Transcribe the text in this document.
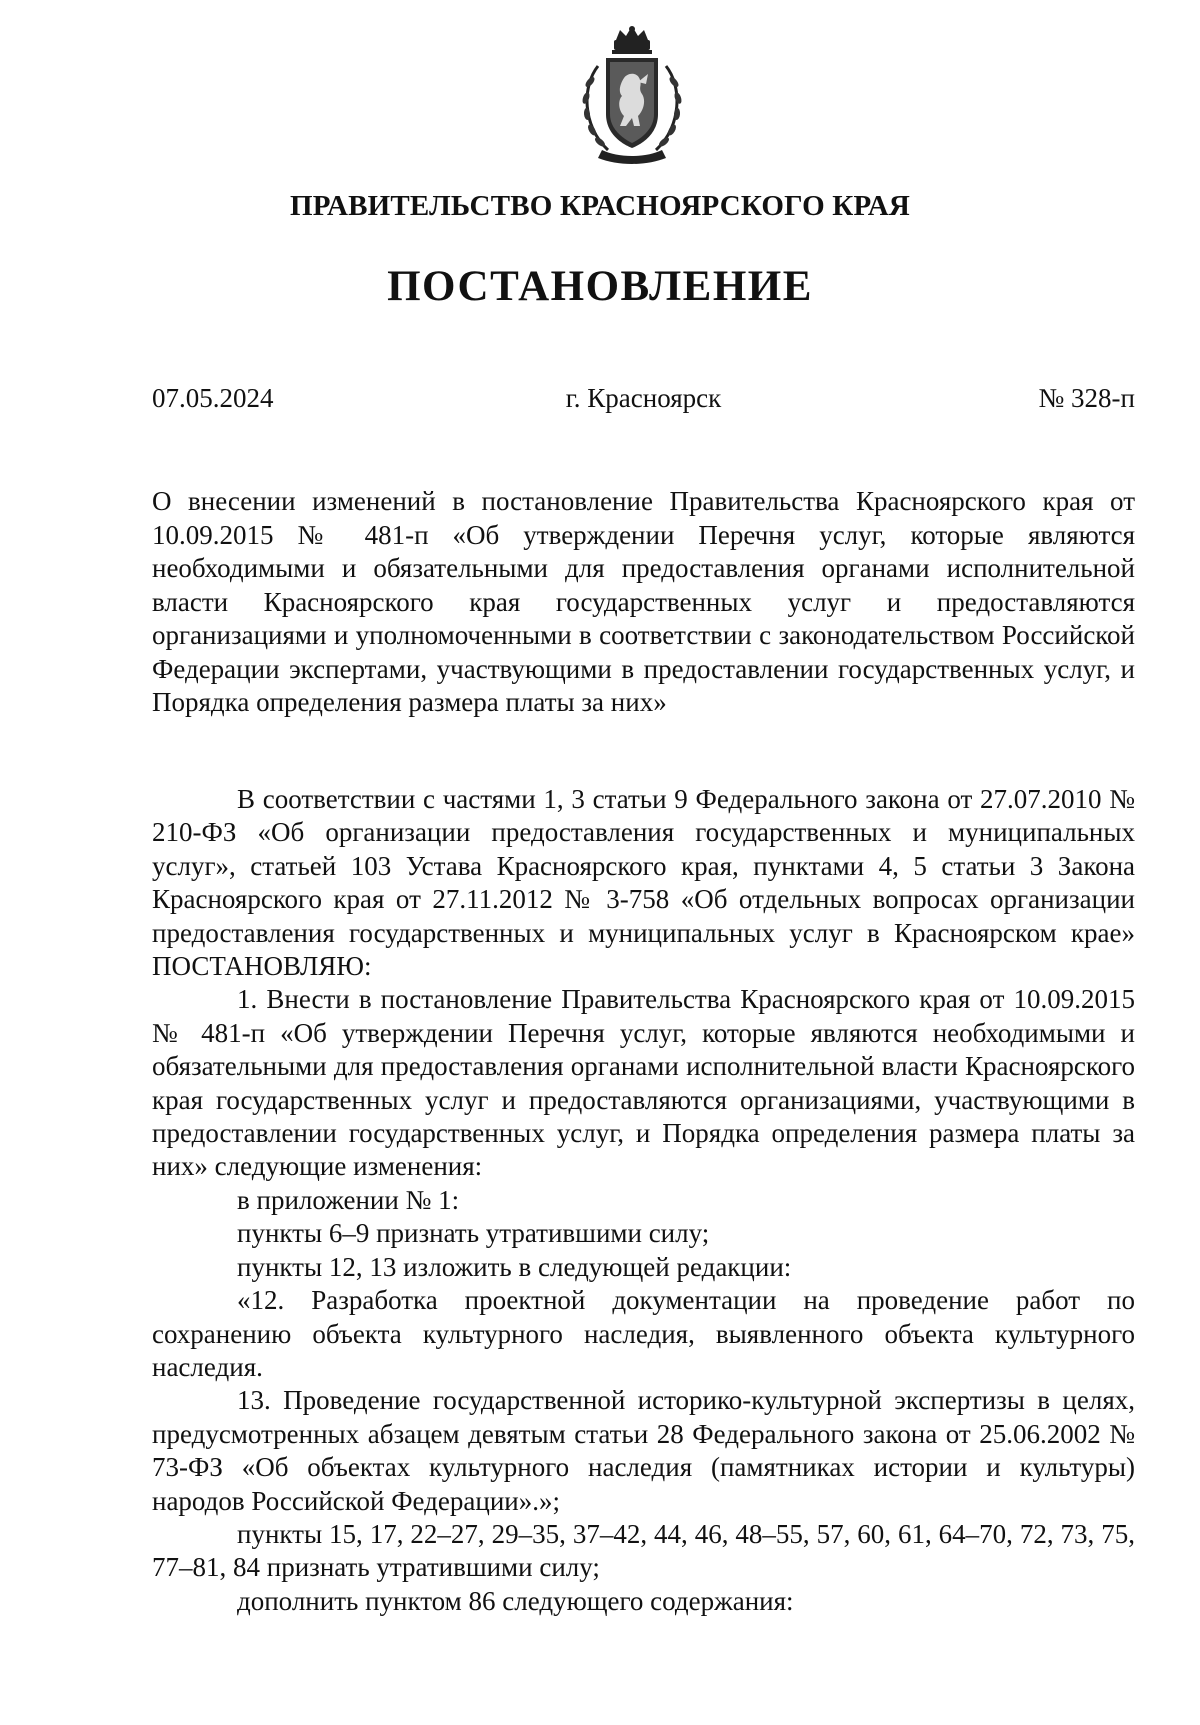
ПРАВИТЕЛЬСТВО КРАСНОЯРСКОГО КРАЯ
ПОСТАНОВЛЕНИЕ
07.05.2024	г. Красноярск	№ 328-п
О внесении изменений в постановление Правительства Красноярского края от 10.09.2015 № 481-п «Об утверждении Перечня услуг, которые являются необходимыми и обязательными для предоставления органами исполнительной власти Красноярского края государственных услуг и предоставляются организациями и уполномоченными в соответствии с законодательством Российской Федерации экспертами, участвующими в предоставлении государственных услуг, и Порядка определения размера платы за них»

В соответствии с частями 1, 3 статьи 9 Федерального закона от 27.07.2010 № 210-ФЗ «Об организации предоставления государственных и муниципальных услуг», статьей 103 Устава Красноярского края, пунктами 4, 5 статьи 3 Закона Красноярского края от 27.11.2012 № 3-758 «Об отдельных вопросах организации предоставления государственных и муниципальных услуг в Красноярском крае» ПОСТАНОВЛЯЮ:

1. Внести в постановление Правительства Красноярского края от 10.09.2015 № 481-п «Об утверждении Перечня услуг, которые являются необходимыми и обязательными для предоставления органами исполнительной власти Красноярского края государственных услуг и предоставляются организациями, участвующими в предоставлении государственных услуг, и Порядка определения размера платы за них» следующие изменения:

в приложении № 1:

пункты 6–9 признать утратившими силу;

пункты 12, 13 изложить в следующей редакции:

«12. Разработка проектной документации на проведение работ по сохранению объекта культурного наследия, выявленного объекта культурного наследия.

13. Проведение государственной историко-культурной экспертизы в целях, предусмотренных абзацем девятым статьи 28 Федерального закона от 25.06.2002 № 73-ФЗ «Об объектах культурного наследия (памятниках истории и культуры) народов Российской Федерации».»;

пункты 15, 17, 22–27, 29–35, 37–42, 44, 46, 48–55, 57, 60, 61, 64–70, 72, 73, 75, 77–81, 84 признать утратившими силу;

дополнить пунктом 86 следующего содержания:
